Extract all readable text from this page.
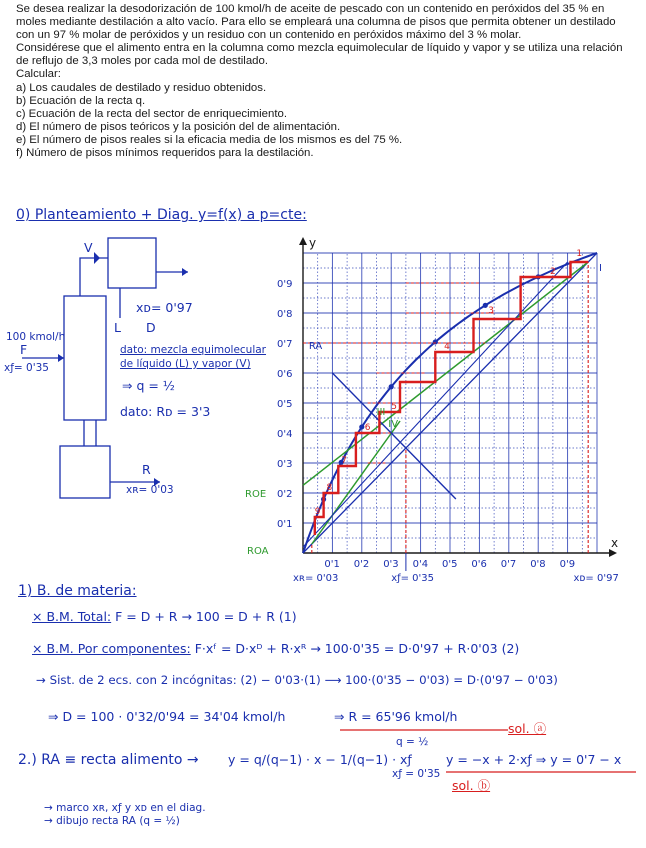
Se desea realizar la desodorización de 100 kmol/h de aceite de pescado con un contenido en peróxidos del 35 % en moles mediante destilación a alto vacío. Para ello se empleará una columna de pisos que permita obtener un destilado con un 97 % molar de peróxidos y un residuo con un contenido en peróxidos máximo del 3 % molar.

Considérese que el alimento entra en la columna como mezcla equimolecular de líquido y vapor y se utiliza una relación de reflujo de 3,3 moles por cada mol de destilado.

Calcular:

a) Los caudales de destilado y residuo obtenidos.
b) Ecuación de la recta q.
c) Ecuación de la recta del sector de enriquecimiento.
d) El número de pisos teóricos y la posición del de alimentación.
e) El número de pisos reales si la eficacia media de los mismos es del 75 %.
f) Número de pisos mínimos requeridos para la destilación.
0) Planteamiento + Diag. y=f(x) a p=cte:
V
xᴅ= 0'97
L D
100 kmol/h
F
xƒ= 0'35
R
xʀ= 0'03
dato: mezcla equimolecular
de líquido (L) y vapor (V)
⇒ q = ½
dato: Rᴅ = 3'3
1
2
3
4
5
6
7
8
9
y
x
0'9
0'8
0'7
0'6
0'5
0'4
0'3
0'2
0'1
0'1 0'2 0'3 0'4 0'5 0'6 0'7 0'8 0'9
RA
ROE
ROA
III
IV
I
xʀ= 0'03	xƒ= 0'35	xᴅ= 0'97
1) B. de materia:
× B.M. Total: F = D + R → 100 = D + R (1)
× B.M. Por componentes: F·xᶠ = D·xᴰ + R·xᴿ → 100·0'35 = D·0'97 + R·0'03 (2)
→ Sist. de 2 ecs. con 2 incógnitas: (2) − 0'03·(1) ⟶ 100·(0'35 − 0'03) = D·(0'97 − 0'03)
⇒ D = 100 · 0'32/0'94 = 34'04 kmol/h	⇒ R = 65'96 kmol/h
sol. ⓐ
2.) RA ≡ recta alimento → y = q/(q−1) · x − 1/(q−1) · xƒ
q = ½
xƒ = 0'35
y = −x + 2·xƒ ⇒ y = 0'7 − x
sol. ⓑ
→ marco xʀ, xƒ y xᴅ en el diag.
→ dibujo recta RA (q = ½)
